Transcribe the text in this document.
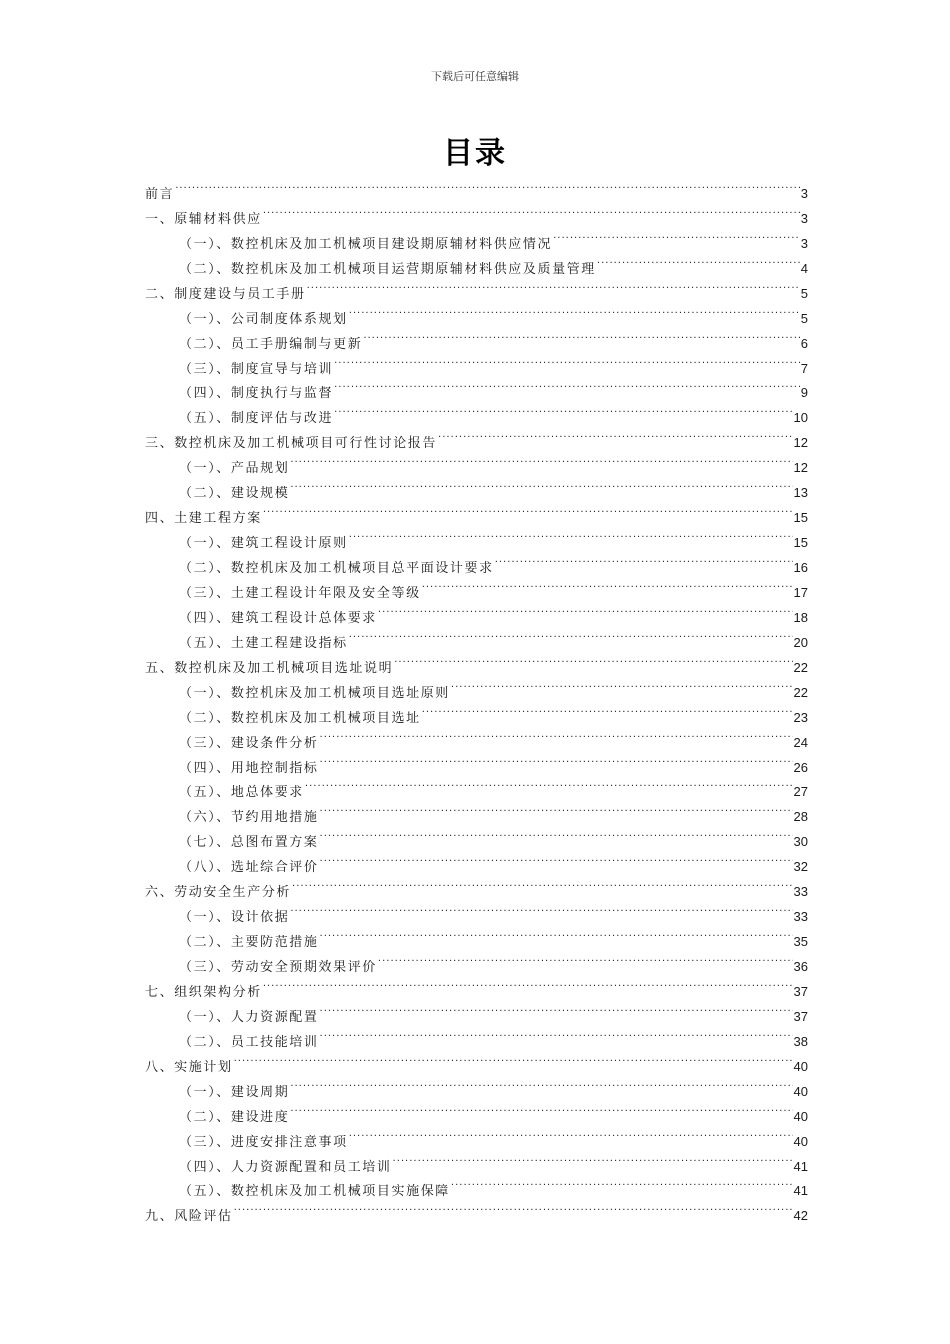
下载后可任意编辑
目录
前言 .....	3
一、原辅材料供应 .....	3
（一）、数控机床及加工机械项目建设期原辅材料供应情况 .....	3
（二）、数控机床及加工机械项目运营期原辅材料供应及质量管理 .....	4
二、制度建设与员工手册 .....	5
（一）、公司制度体系规划 .....	5
（二）、员工手册编制与更新 .....	6
（三）、制度宣导与培训 .....	7
（四）、制度执行与监督 .....	9
（五）、制度评估与改进 .....	10
三、数控机床及加工机械项目可行性讨论报告 .....	12
（一）、产品规划 .....	12
（二）、建设规模 .....	13
四、土建工程方案 .....	15
（一）、建筑工程设计原则 .....	15
（二）、数控机床及加工机械项目总平面设计要求 .....	16
（三）、土建工程设计年限及安全等级 .....	17
（四）、建筑工程设计总体要求 .....	18
（五）、土建工程建设指标 .....	20
五、数控机床及加工机械项目选址说明 .....	22
（一）、数控机床及加工机械项目选址原则 .....	22
（二）、数控机床及加工机械项目选址 .....	23
（三）、建设条件分析 .....	24
（四）、用地控制指标 .....	26
（五）、地总体要求 .....	27
（六）、节约用地措施 .....	28
（七）、总图布置方案 .....	30
（八）、选址综合评价 .....	32
六、劳动安全生产分析 .....	33
（一）、设计依据 .....	33
（二）、主要防范措施 .....	35
（三）、劳动安全预期效果评价 .....	36
七、组织架构分析 .....	37
（一）、人力资源配置 .....	37
（二）、员工技能培训 .....	38
八、实施计划 .....	40
（一）、建设周期 .....	40
（二）、建设进度 .....	40
（三）、进度安排注意事项 .....	40
（四）、人力资源配置和员工培训 .....	41
（五）、数控机床及加工机械项目实施保障 .....	41
九、风险评估 .....	42
